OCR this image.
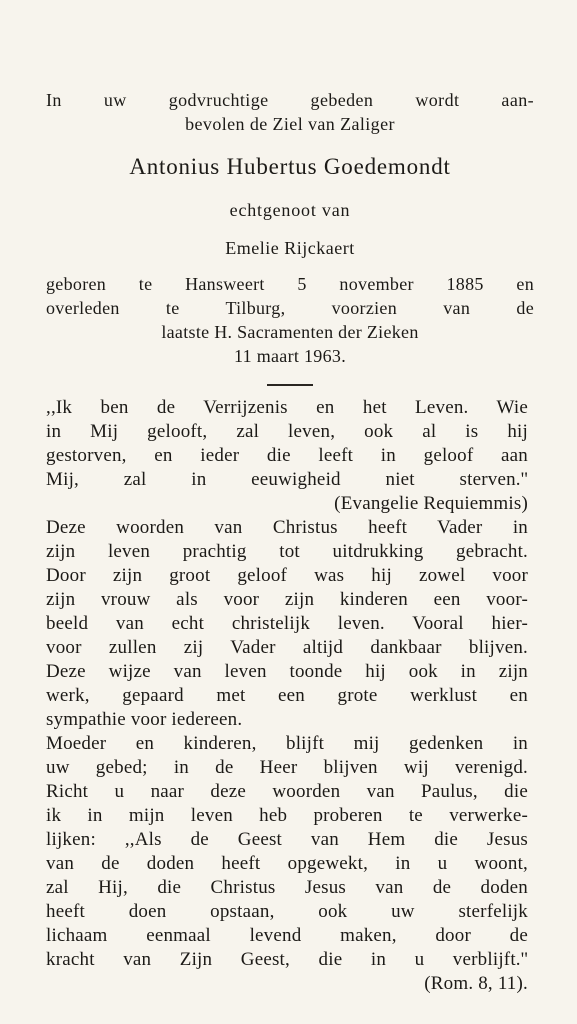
In uw godvruchtige gebeden wordt aan-
bevolen de Ziel van Zaliger
Antonius Hubertus Goedemondt
echtgenoot van
Emelie Rijckaert
geboren te Hansweert 5 november 1885 en
overleden te Tilburg, voorzien van de
laatste H. Sacramenten der Zieken
11 maart 1963.
,,Ik ben de Verrijzenis en het Leven. Wie
in Mij gelooft, zal leven, ook al is hij
gestorven, en ieder die leeft in geloof aan
Mij, zal in eeuwigheid niet sterven.''
(Evangelie Requiemmis)
Deze woorden van Christus heeft Vader in
zijn leven prachtig tot uitdrukking gebracht.
Door zijn groot geloof was hij zowel voor
zijn vrouw als voor zijn kinderen een voor-
beeld van echt christelijk leven. Vooral hier-
voor zullen zij Vader altijd dankbaar blijven.
Deze wijze van leven toonde hij ook in zijn
werk, gepaard met een grote werklust en
sympathie voor iedereen.
Moeder en kinderen, blijft mij gedenken in
uw gebed; in de Heer blijven wij verenigd.
Richt u naar deze woorden van Paulus, die
ik in mijn leven heb proberen te verwerke-
lijken: ,,Als de Geest van Hem die Jesus
van de doden heeft opgewekt, in u woont,
zal Hij, die Christus Jesus van de doden
heeft doen opstaan, ook uw sterfelijk
lichaam eenmaal levend maken, door de
kracht van Zijn Geest, die in u verblijft.''
(Rom. 8, 11).
